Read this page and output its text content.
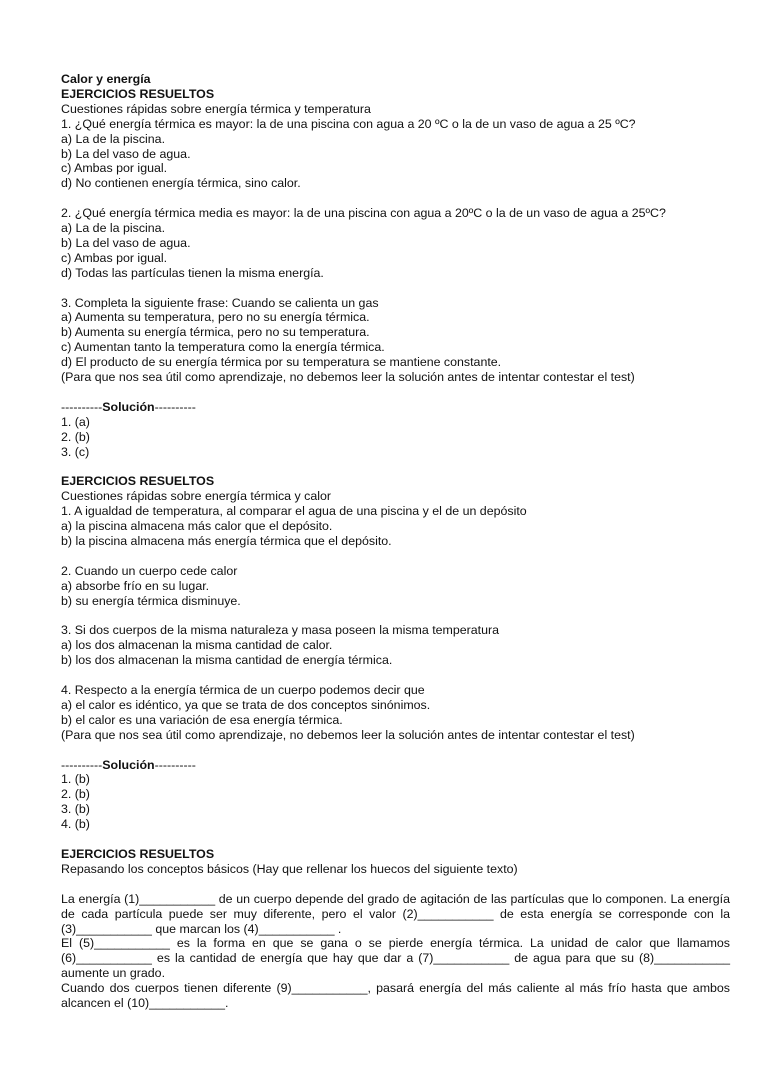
Calor y energía
EJERCICIOS RESUELTOS
Cuestiones rápidas sobre energía térmica y temperatura
1. ¿Qué energía térmica es mayor: la de una piscina con agua a 20 ºC o la de un vaso de agua a 25 ºC?
a) La de la piscina.
b) La del vaso de agua.
c) Ambas por igual.
d) No contienen energía térmica, sino calor.
2. ¿Qué energía térmica media es mayor: la de una piscina con agua a 20ºC o la de un vaso de agua a 25ºC?
a) La de la piscina.
b) La del vaso de agua.
c) Ambas por igual.
d) Todas las partículas tienen la misma energía.
3. Completa la siguiente frase: Cuando se calienta un gas
a) Aumenta su temperatura, pero no su energía térmica.
b) Aumenta su energía térmica, pero no su temperatura.
c) Aumentan tanto la temperatura como la energía térmica.
d) El producto de su energía térmica por su temperatura se mantiene constante.
(Para que nos sea útil como aprendizaje, no debemos leer la solución antes de intentar contestar el test)
----------Solución----------
1. (a)
2. (b)
3. (c)
EJERCICIOS RESUELTOS
Cuestiones rápidas sobre energía térmica y calor
1. A igualdad de temperatura, al comparar el agua de una piscina y el de un depósito
a) la piscina almacena más calor que el depósito.
b) la piscina almacena más energía térmica que el depósito.
2. Cuando un cuerpo cede calor
a) absorbe frío en su lugar.
b) su energía térmica disminuye.
3. Si dos cuerpos de la misma naturaleza y masa poseen la misma temperatura
a) los dos almacenan la misma cantidad de calor.
b) los dos almacenan la misma cantidad de energía térmica.
4. Respecto a la energía térmica de un cuerpo podemos decir que
a) el calor es idéntico, ya que se trata de dos conceptos sinónimos.
b) el calor es una variación de esa energía térmica.
(Para que nos sea útil como aprendizaje, no debemos leer la solución antes de intentar contestar el test)
----------Solución----------
1. (b)
2. (b)
3. (b)
4. (b)
EJERCICIOS RESUELTOS
Repasando los conceptos básicos (Hay que rellenar los huecos del siguiente texto)
La energía (1)___________ de un cuerpo depende del grado de agitación de las partículas que lo componen. La energía de cada partícula puede ser muy diferente, pero el valor (2)___________ de esta energía se corresponde con la (3)___________ que marcan los (4)___________ .
El (5)___________ es la forma en que se gana o se pierde energía térmica. La unidad de calor que llamamos (6)___________ es la cantidad de energía que hay que dar a (7)___________ de agua para que su (8)___________ aumente un grado.
Cuando dos cuerpos tienen diferente (9)___________, pasará energía del más caliente al más frío hasta que ambos alcancen el (10)___________.
